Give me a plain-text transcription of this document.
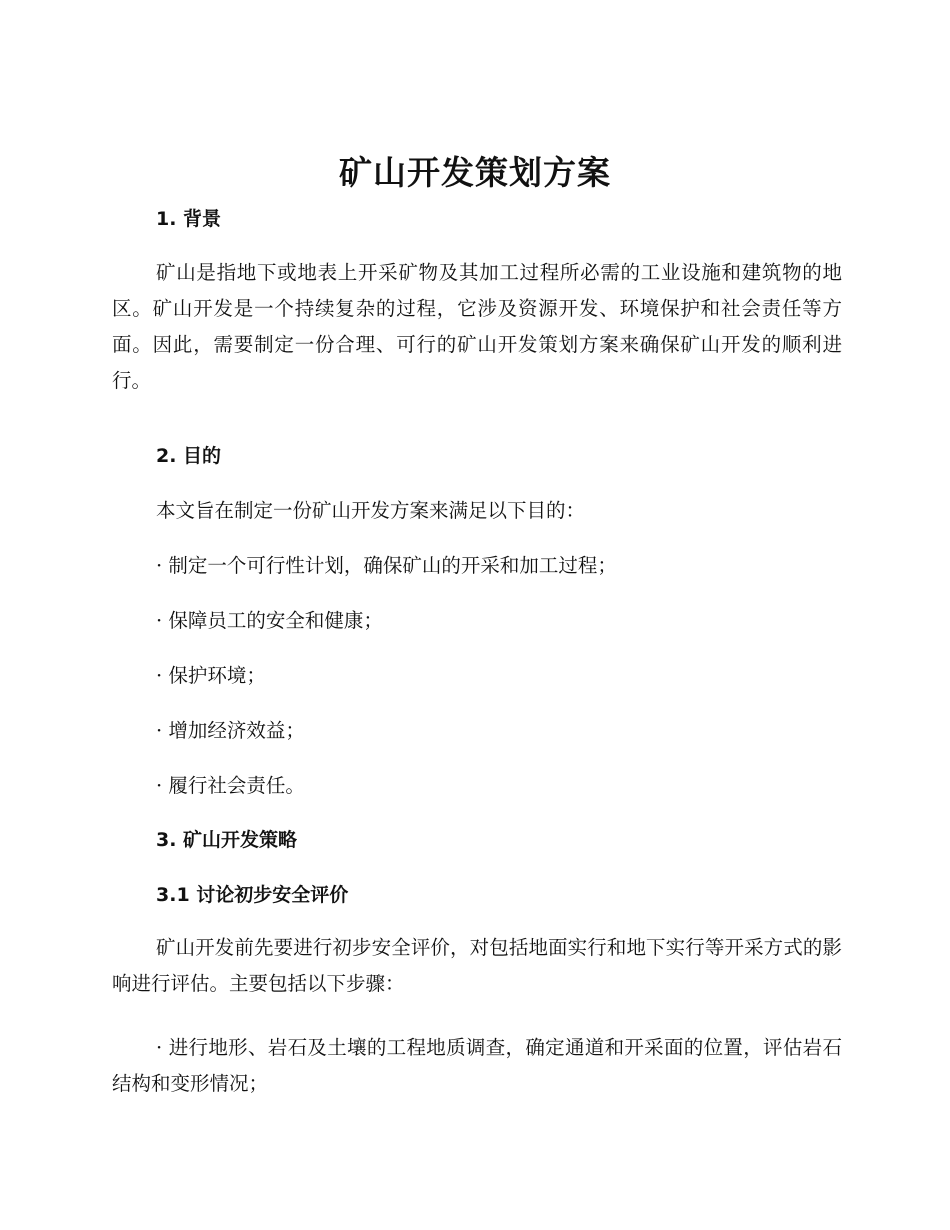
矿山开发策划方案
1. 背景

矿山是指地下或地表上开采矿物及其加工过程所必需的工业设施和建筑物的地区。矿山开发是一个持续复杂的过程，它涉及资源开发、环境保护和社会责任等方面。因此，需要制定一份合理、可行的矿山开发策划方案来确保矿山开发的顺利进行。

2. 目的

本文旨在制定一份矿山开发方案来满足以下目的：

· 制定一个可行性计划，确保矿山的开采和加工过程；

· 保障员工的安全和健康；

· 保护环境；

· 增加经济效益；

· 履行社会责任。

3. 矿山开发策略
3.1 讨论初步安全评价

矿山开发前先要进行初步安全评价，对包括地面实行和地下实行等开采方式的影响进行评估。主要包括以下步骤：

· 进行地形、岩石及土壤的工程地质调查，确定通道和开采面的位置，评估岩石结构和变形情况；
